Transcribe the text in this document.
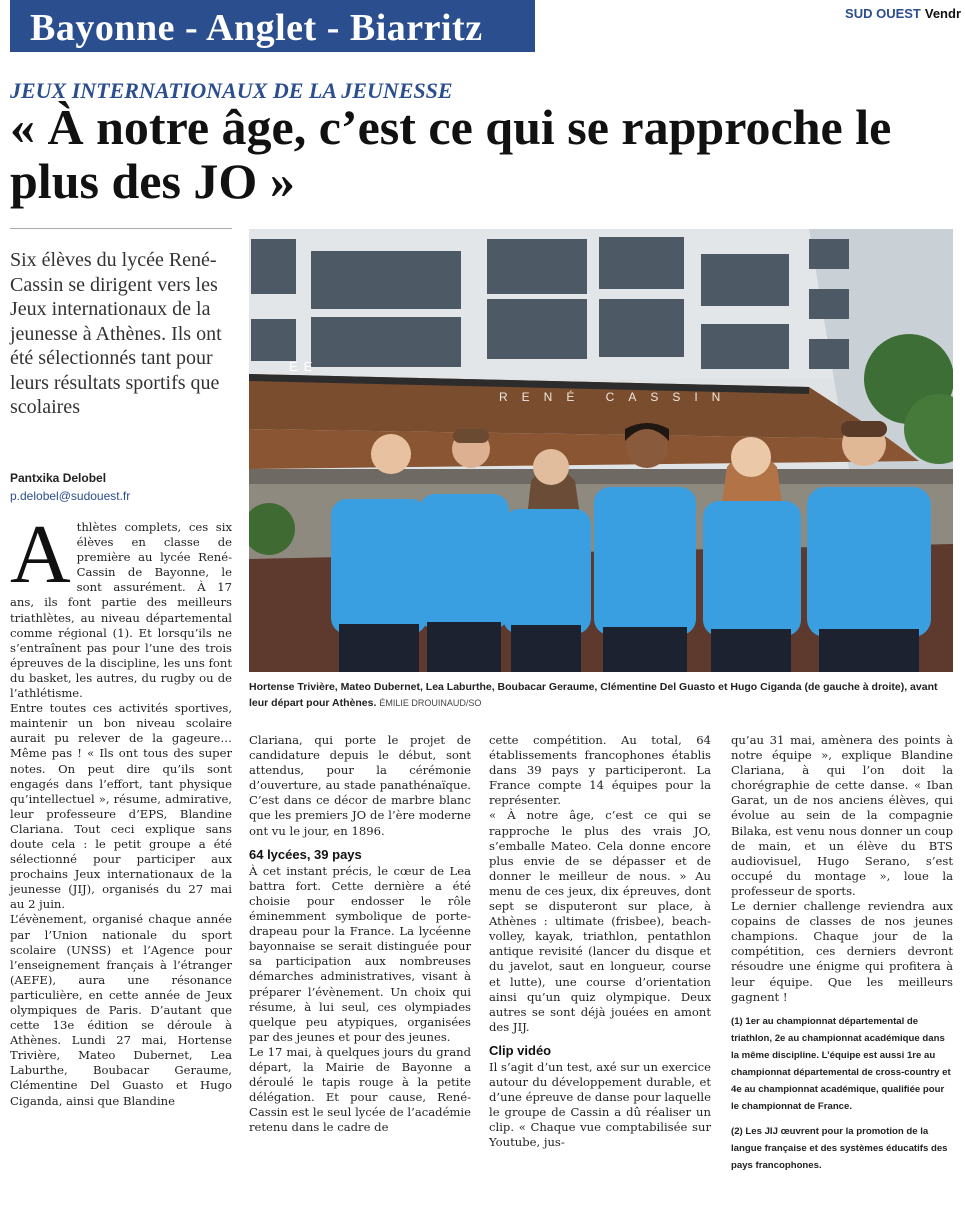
Bayonne - Anglet - Biarritz	SUD OUEST Vendr
JEUX INTERNATIONAUX DE LA JEUNESSE
« À notre âge, c’est ce qui se rapproche le plus des JO »
Six élèves du lycée René-Cassin se dirigent vers les Jeux internationaux de la jeunesse à Athènes. Ils ont été sélectionnés tant pour leurs résultats sportifs que scolaires
Pantxika Delobel
p.delobel@sudouest.fr
EE
RENÉ CASSIN
Hortense Trivière, Mateo Dubernet, Lea Laburthe, Boubacar Geraume, Clémentine Del Guasto et Hugo Ciganda (de gauche à droite), avant leur départ pour Athènes. ÉMILIE DROUINAUD/SO
A thlètes complets, ces six élèves en classe de première au lycée René-Cassin de Bayonne, le sont assurément. À 17 ans, ils font partie des meilleurs triathlètes, au niveau départemental comme régional (1). Et lorsqu’ils ne s’entraînent pas pour l’une des trois épreuves de la discipline, les uns font du basket, les autres, du rugby ou de l’athlétisme.

Entre toutes ces activités sportives, maintenir un bon niveau scolaire aurait pu relever de la gageure… Même pas ! « Ils ont tous des super notes. On peut dire qu’ils sont engagés dans l’effort, tant physique qu’intellectuel », résume, admirative, leur professeure d’EPS, Blandine Clariana. Tout ceci explique sans doute cela : le petit groupe a été sélectionné pour participer aux prochains Jeux internationaux de la jeunesse (JIJ), organisés du 27 mai au 2 juin.

L’évènement, organisé chaque année par l’Union nationale du sport scolaire (UNSS) et l’Agence pour l’enseignement français à l’étranger (AEFE), aura une résonance particulière, en cette année de Jeux olympiques de Paris. D’autant que cette 13e édition se déroule à Athènes. Lundi 27 mai, Hortense Trivière, Mateo Dubernet, Lea Laburthe, Boubacar Geraume, Clémentine Del Guasto et Hugo Ciganda, ainsi que Blandine

Clariana, qui porte le projet de candidature depuis le début, sont attendus, pour la cérémonie d’ouverture, au stade panathénaïque. C’est dans ce décor de marbre blanc que les premiers JO de l’ère moderne ont vu le jour, en 1896.

64 lycées, 39 pays

À cet instant précis, le cœur de Lea battra fort. Cette dernière a été choisie pour endosser le rôle éminemment symbolique de porte-drapeau pour la France. La lycéenne bayonnaise se serait distinguée pour sa participation aux nombreuses démarches administratives, visant à préparer l’évènement. Un choix qui résume, à lui seul, ces olympiades quelque peu atypiques, organisées par des jeunes et pour des jeunes.

Le 17 mai, à quelques jours du grand départ, la Mairie de Bayonne a déroulé le tapis rouge à la petite délégation. Et pour cause, René-Cassin est le seul lycée de l’académie retenu dans le cadre de

cette compétition. Au total, 64 établissements francophones établis dans 39 pays y participeront. La France compte 14 équipes pour la représenter.

« À notre âge, c’est ce qui se rapproche le plus des vrais JO, s’emballe Mateo. Cela donne encore plus envie de se dépasser et de donner le meilleur de nous. » Au menu de ces jeux, dix épreuves, dont sept se disputeront sur place, à Athènes : ultimate (frisbee), beach-volley, kayak, triathlon, pentathlon antique revisité (lancer du disque et du javelot, saut en longueur, course et lutte), une course d’orientation ainsi qu’un quiz olympique. Deux autres se sont déjà jouées en amont des JIJ.

Clip vidéo

Il s’agit d’un test, axé sur un exercice autour du développement durable, et d’une épreuve de danse pour laquelle le groupe de Cassin a dû réaliser un clip. « Chaque vue comptabilisée sur Youtube, jus-

qu’au 31 mai, amènera des points à notre équipe », explique Blandine Clariana, à qui l’on doit la chorégraphie de cette danse. « Iban Garat, un de nos anciens élèves, qui évolue au sein de la compagnie Bilaka, est venu nous donner un coup de main, et un élève du BTS audiovisuel, Hugo Serano, s’est occupé du montage », loue la professeur de sports.

Le dernier challenge reviendra aux copains de classes de nos jeunes champions. Chaque jour de la compétition, ces derniers devront résoudre une énigme qui profitera à leur équipe. Que les meilleurs gagnent !

(1) 1er au championnat départemental de triathlon, 2e au championnat académique dans la même discipline. L’équipe est aussi 1re au championnat départemental de cross-country et 4e au championnat académique, qualifiée pour le championnat de France.

(2) Les JIJ œuvrent pour la promotion de la langue française et des systèmes éducatifs des pays francophones.
